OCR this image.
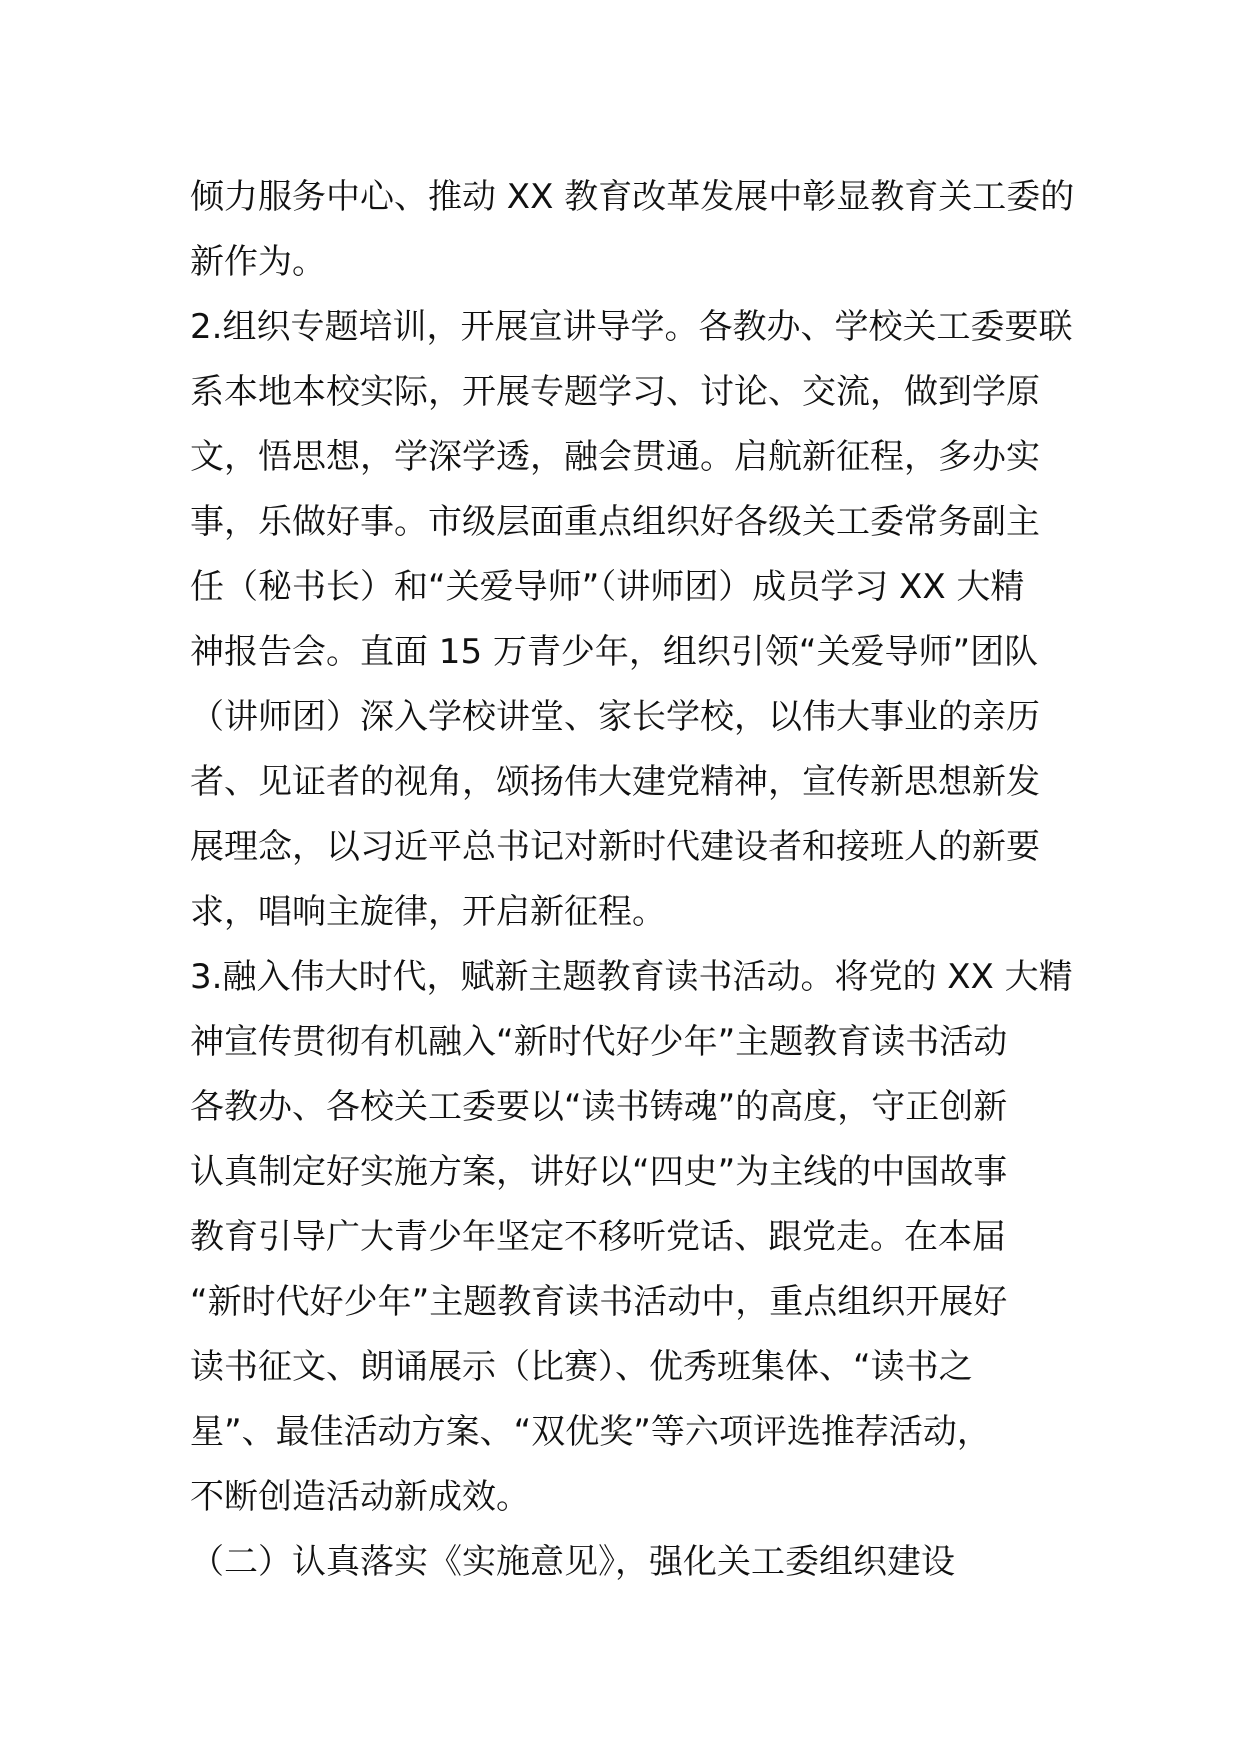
倾力服务中心、推动 XX 教育改革发展中彰显教育关工委的
新作为。
2.组织专题培训，开展宣讲导学。各教办、学校关工委要联
系本地本校实际，开展专题学习、讨论、交流，做到学原
文，悟思想，学深学透，融会贯通。启航新征程，多办实
事，乐做好事。市级层面重点组织好各级关工委常务副主
任（秘书长）和“关爱导师”（讲师团）成员学习 XX 大精
神报告会。直面 15 万青少年，组织引领“关爱导师”团队
（讲师团）深入学校讲堂、家长学校，以伟大事业的亲历
者、见证者的视角，颂扬伟大建党精神，宣传新思想新发
展理念，以习近平总书记对新时代建设者和接班人的新要
求，唱响主旋律，开启新征程。
3.融入伟大时代，赋新主题教育读书活动。将党的 XX 大精
神宣传贯彻有机融入“新时代好少年”主题教育读书活动
各教办、各校关工委要以“读书铸魂”的高度，守正创新
认真制定好实施方案，讲好以“四史”为主线的中国故事
教育引导广大青少年坚定不移听党话、跟党走。在本届
“新时代好少年”主题教育读书活动中，重点组织开展好
读书征文、朗诵展示（比赛）、优秀班集体、“读书之
星”、最佳活动方案、“双优奖”等六项评选推荐活动，
不断创造活动新成效。
（二）认真落实《实施意见》，强化关工委组织建设
